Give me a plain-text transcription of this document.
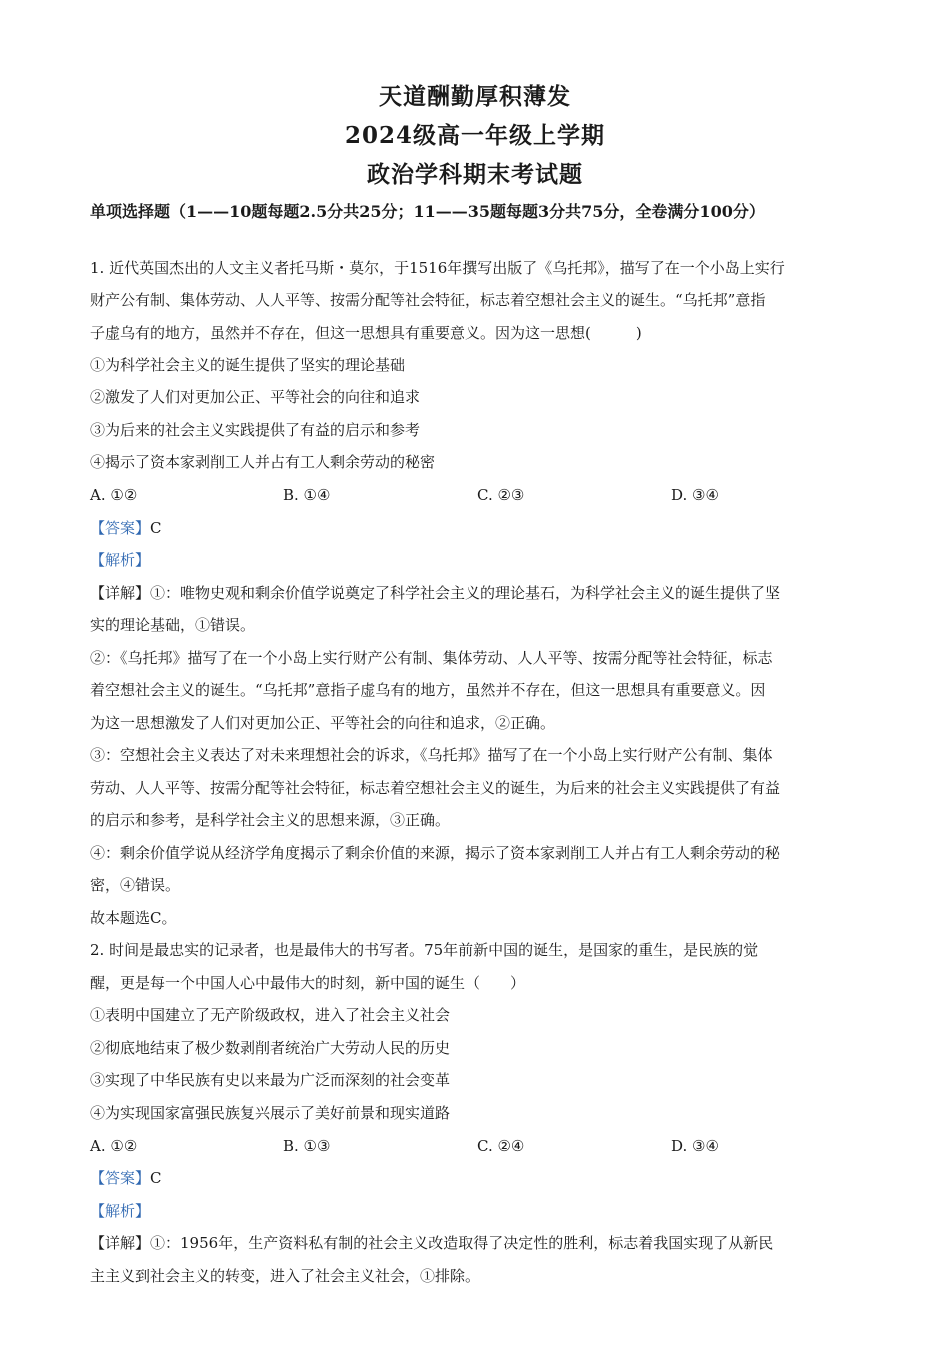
天道酬勤厚积薄发
2024级高一年级上学期
政治学科期末考试题
单项选择题（1——10题每题2.5分共25分；11——35题每题3分共75分，全卷满分100分）
1. 近代英国杰出的人文主义者托马斯・莫尔，于1516年撰写出版了《乌托邦》，描写了在一个小岛上实行
财产公有制、集体劳动、人人平等、按需分配等社会特征，标志着空想社会主义的诞生。“乌托邦”意指
子虚乌有的地方，虽然并不存在，但这一思想具有重要意义。因为这一思想(　　　)
①为科学社会主义的诞生提供了坚实的理论基础
②激发了人们对更加公正、平等社会的向往和追求
③为后来的社会主义实践提供了有益的启示和参考
④揭示了资本家剥削工人并占有工人剩余劳动的秘密
A. ①②	B. ①④	C. ②③	D. ③④
【答案】C
【解析】
【详解】①：唯物史观和剩余价值学说奠定了科学社会主义的理论基石，为科学社会主义的诞生提供了坚
实的理论基础，①错误。
②：《乌托邦》描写了在一个小岛上实行财产公有制、集体劳动、人人平等、按需分配等社会特征，标志
着空想社会主义的诞生。“乌托邦”意指子虚乌有的地方，虽然并不存在，但这一思想具有重要意义。因
为这一思想激发了人们对更加公正、平等社会的向往和追求，②正确。
③：空想社会主义表达了对未来理想社会的诉求，《乌托邦》描写了在一个小岛上实行财产公有制、集体
劳动、人人平等、按需分配等社会特征，标志着空想社会主义的诞生，为后来的社会主义实践提供了有益
的启示和参考，是科学社会主义的思想来源，③正确。
④：剩余价值学说从经济学角度揭示了剩余价值的来源，揭示了资本家剥削工人并占有工人剩余劳动的秘
密，④错误。
故本题选C。
2. 时间是最忠实的记录者，也是最伟大的书写者。75年前新中国的诞生，是国家的重生，是民族的觉
醒，更是每一个中国人心中最伟大的时刻，新中国的诞生（　　）
①表明中国建立了无产阶级政权，进入了社会主义社会
②彻底地结束了极少数剥削者统治广大劳动人民的历史
③实现了中华民族有史以来最为广泛而深刻的社会变革
④为实现国家富强民族复兴展示了美好前景和现实道路
A. ①②	B. ①③	C. ②④	D. ③④
【答案】C
【解析】
【详解】①：1956年，生产资料私有制的社会主义改造取得了决定性的胜利，标志着我国实现了从新民
主主义到社会主义的转变，进入了社会主义社会，①排除。
